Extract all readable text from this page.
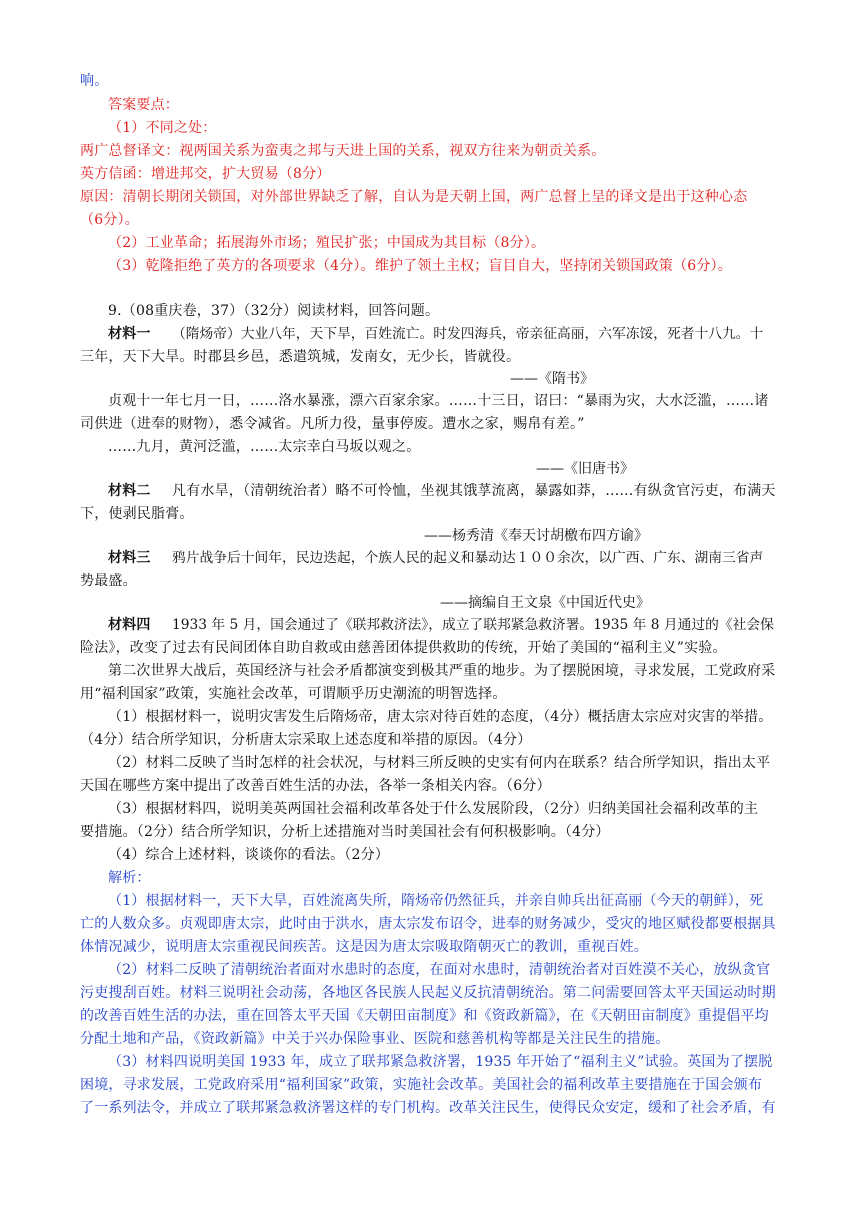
响。
答案要点：
（1）不同之处：
两广总督译文：视两国关系为蛮夷之邦与天进上国的关系，视双方往来为朝贡关系。
英方信函：增进邦交，扩大贸易（8分）
原因：清朝长期闭关锁国，对外部世界缺乏了解，自认为是天朝上国，两广总督上呈的译文是出于这种心态
（6分）。
（2）工业革命；拓展海外市场；殖民扩张；中国成为其目标（8分）。
（3）乾隆拒绝了英方的各项要求（4分）。维护了领土主权；盲目自大，坚持闭关锁国政策（6分）。
9.（08重庆卷，37）（32分）阅读材料，回答问题。
材料一 （隋炀帝）大业八年，天下旱，百姓流亡。时发四海兵，帝亲征高丽，六军冻馁，死者十八九。十
三年，天下大旱。时郡县乡邑，悉遣筑城，发南女，无少长，皆就役。
——《隋书》
贞观十一年七月一日，……洛水暴涨，漂六百家余家。……十三日，诏曰：“暴雨为灾，大水泛滥，……诸
司供进（进奉的财物），悉令减省。凡所力役，量事停废。遭水之家，赐帛有差。”
……九月，黄河泛滥，……太宗幸白马坂以观之。
——《旧唐书》
材料二 凡有水旱，（清朝统治者）略不可怜恤，坐视其饿莩流离，暴露如莽，……有纵贪官污吏，布满天
下，使剥民脂膏。
——杨秀清《奉天讨胡檄布四方谕》
材料三 鸦片战争后十间年，民边迭起，个族人民的起义和暴动达１００余次，以广西、广东、湖南三省声
势最盛。
——摘编自王文泉《中国近代史》
材料四 1933 年 5 月，国会通过了《联邦救济法》，成立了联邦紧急救济署。1935 年 8 月通过的《社会保
险法》，改变了过去有民间团体自助自救或由慈善团体提供救助的传统，开始了美国的“福利主义”实验。
第二次世界大战后，英国经济与社会矛盾都演变到极其严重的地步。为了摆脱困境，寻求发展，工党政府采
用“福利国家”政策，实施社会改革，可谓顺乎历史潮流的明智选择。
（1）根据材料一，说明灾害发生后隋炀帝，唐太宗对待百姓的态度，（4分）概括唐太宗应对灾害的举措。
（4分）结合所学知识，分析唐太宗采取上述态度和举措的原因。（4分）
（2）材料二反映了当时怎样的社会状况，与材料三所反映的史实有何内在联系？结合所学知识，指出太平
天国在哪些方案中提出了改善百姓生活的办法，各举一条相关内容。（6分）
（3）根据材料四，说明美英两国社会福利改革各处于什么发展阶段，（2分）归纳美国社会福利改革的主
要措施。（2分）结合所学知识，分析上述措施对当时美国社会有何积极影响。（4分）
（4）综合上述材料，谈谈你的看法。（2分）
解析：
（1）根据材料一，天下大旱，百姓流离失所，隋炀帝仍然征兵，并亲自帅兵出征高丽（今天的朝鲜），死
亡的人数众多。贞观即唐太宗，此时由于洪水，唐太宗发布诏令，进奉的财务减少，受灾的地区赋役都要根据具
体情况减少，说明唐太宗重视民间疾苦。这是因为唐太宗吸取隋朝灭亡的教训，重视百姓。
（2）材料二反映了清朝统治者面对水患时的态度，在面对水患时，清朝统治者对百姓漠不关心，放纵贪官
污吏搜刮百姓。材料三说明社会动荡，各地区各民族人民起义反抗清朝统治。第二问需要回答太平天国运动时期
的改善百姓生活的办法，重在回答太平天国《天朝田亩制度》和《资政新篇》，在《天朝田亩制度》重提倡平均
分配土地和产品，《资政新篇》中关于兴办保险事业、医院和慈善机构等都是关注民生的措施。
（3）材料四说明美国 1933 年，成立了联邦紧急救济署，1935 年开始了“福利主义”试验。英国为了摆脱
困境，寻求发展，工党政府采用“福利国家”政策，实施社会改革。美国社会的福利改革主要措施在于国会颁布
了一系列法令，并成立了联邦紧急救济署这样的专门机构。改革关注民生，使得民众安定，缓和了社会矛盾，有
